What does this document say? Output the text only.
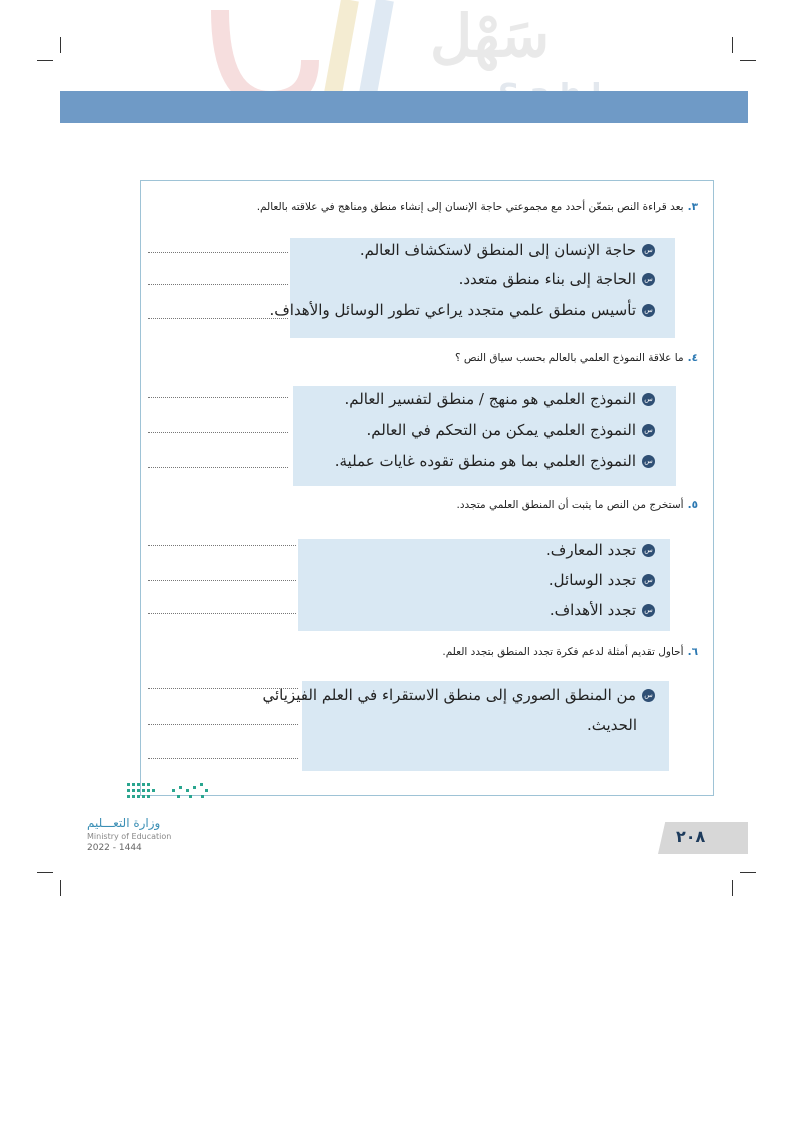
سَهْل
٣.بعد قراءة النص بتمعّن أحدد مع مجموعتي حاجة الإنسان إلى إنشاء منطق ومناهج في علاقته بالعالم.
س
حاجة الإنسان إلى المنطق لاستكشاف العالم.
س
الحاجة إلى بناء منطق متعدد.
س
تأسيس منطق علمي متجدد يراعي تطور الوسائل والأهداف.
٤.ما علاقة النموذج العلمي بالعالم بحسب سياق النص ؟
س
النموذج العلمي هو منهج / منطق لتفسير العالم.
س
النموذج العلمي يمكن من التحكم في العالم.
س
النموذج العلمي بما هو منطق تقوده غايات عملية.
٥.أستخرج من النص ما يثبت أن المنطق العلمي متجدد.
س
تجدد المعارف.
س
تجدد الوسائل.
س
تجدد الأهداف.
٦.أحاول تقديم أمثلة لدعم فكرة تجدد المنطق بتجدد العلم.
س
من المنطق الصوري إلى منطق الاستقراء في العلم الفيزيائي
الحديث.
وزارة التعـــليم
Ministry of Education
2022 - 1444
٢٠٨
